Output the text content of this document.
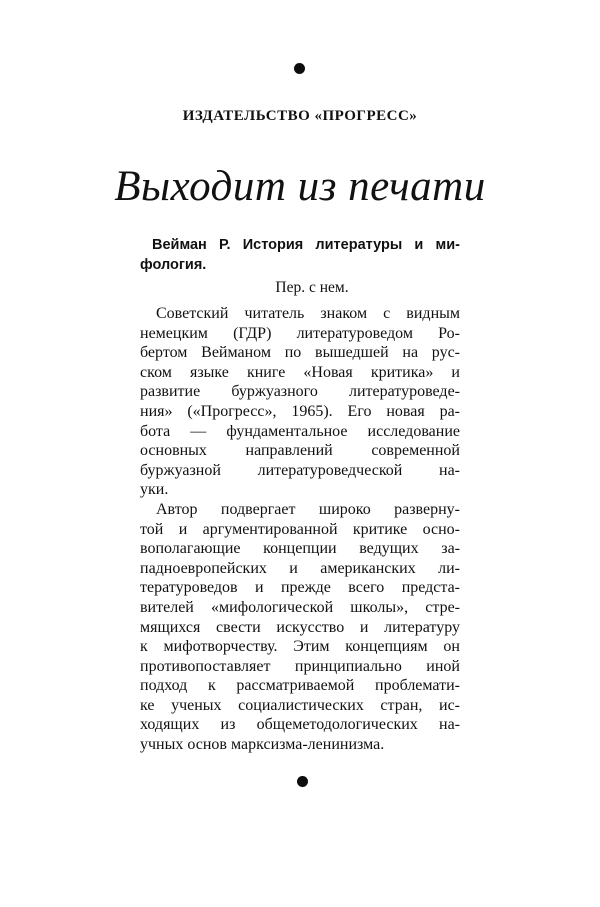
ИЗДАТЕЛЬСТВО «ПРОГРЕСС»
Выходит из печати
Вейман Р. История литературы и ми-
фология.
Пер. с нем.

Советский читатель знаком с видным
немецким (ГДР) литературоведом Ро-
бертом Вейманом по вышедшей на рус-
ском языке книге «Новая критика» и
развитие буржуазного литературоведе-
ния» («Прогресс», 1965). Его новая ра-
бота — фундаментальное исследование
основных направлений современной
буржуазной литературоведческой на-
уки.

Автор подвергает широко разверну-
той и аргументированной критике осно-
вополагающие концепции ведущих за-
падноевропейских и американских ли-
тературоведов и прежде всего предста-
вителей «мифологической школы», стре-
мящихся свести искусство и литературу
к мифотворчеству. Этим концепциям он
противопоставляет принципиально иной
подход к рассматриваемой проблемати-
ке ученых социалистических стран, ис-
ходящих из общеметодологических на-
учных основ марксизма-ленинизма.
